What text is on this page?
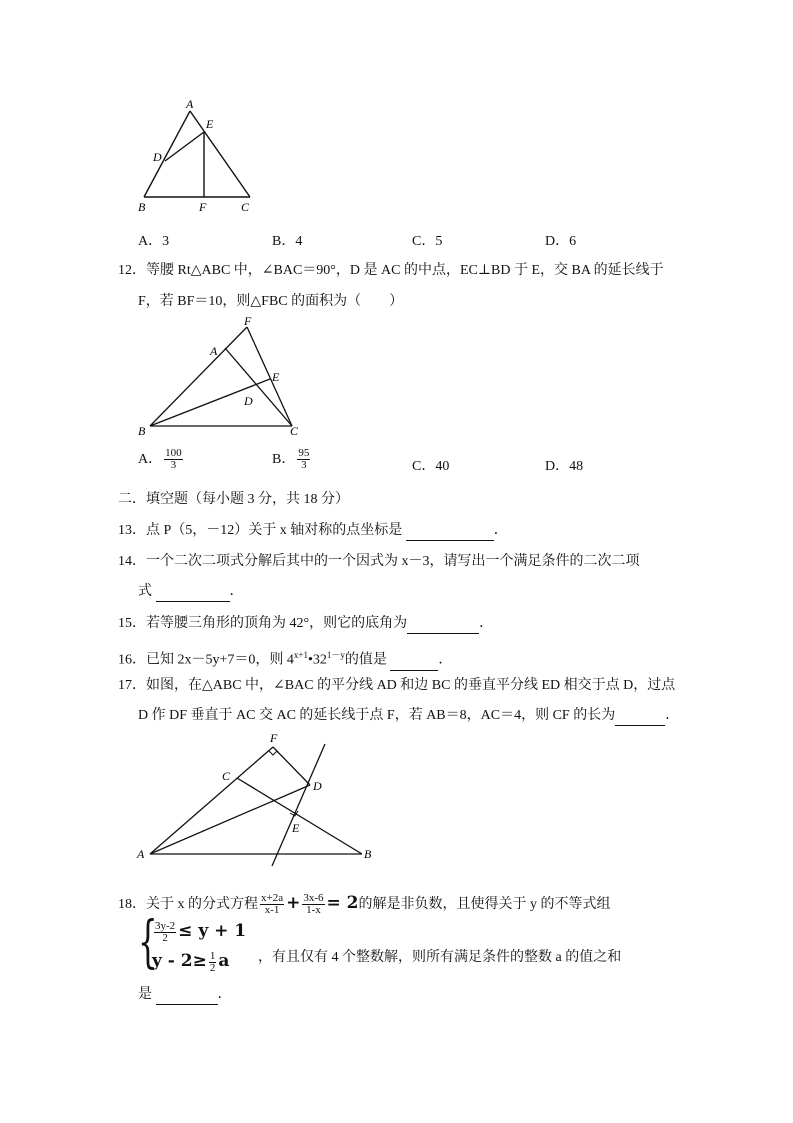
A
E
D
B	F	C
A．3	B．4	C．5	D．6
12．等腰 Rt△ABC 中，∠BAC＝90°，D 是 AC 的中点，EC⊥BD 于 E，交 BA 的延长线于
F，若 BF＝10，则△FBC 的面积为（　　）
F
A
E
D
B	C
A． $\frac{100}{3}$	B． $\frac{95}{3}$	C．40	D．48
二．填空题（每小题 3 分，共 18 分）
13．点 P（5，－12）关于 x 轴对称的点坐标是	．
14．一个二次二项式分解后其中的一个因式为 x－3，请写出一个满足条件的二次二项
式	．
15．若等腰三角形的顶角为 42°，则它的底角为	．
16．已知 2x－5y+7＝0，则 $4^{x+1}•32^{1-y}$的值是	．
17．如图，在△ABC 中，∠BAC 的平分线 AD 和边 BC 的垂直平分线 ED 相交于点 D，过点
D 作 DF 垂直于 AC 交 AC 的延长线于点 F，若 AB＝8，AC＝4，则 CF 的长为	．
F
C
D
E
A	B
18．关于 x 的分式方程 $\frac{x+2a}{x-1} + \frac{3x-6}{1-x} = 2$的解是非负数，且使得关于 y 的不等式组
{
$\frac{3y-2}{2} \le y + 1$
$y - 2\ge \frac{1}{2}$ a ，有且仅有 4 个整数解，则所有满足条件的整数 a 的值之和
是	．
